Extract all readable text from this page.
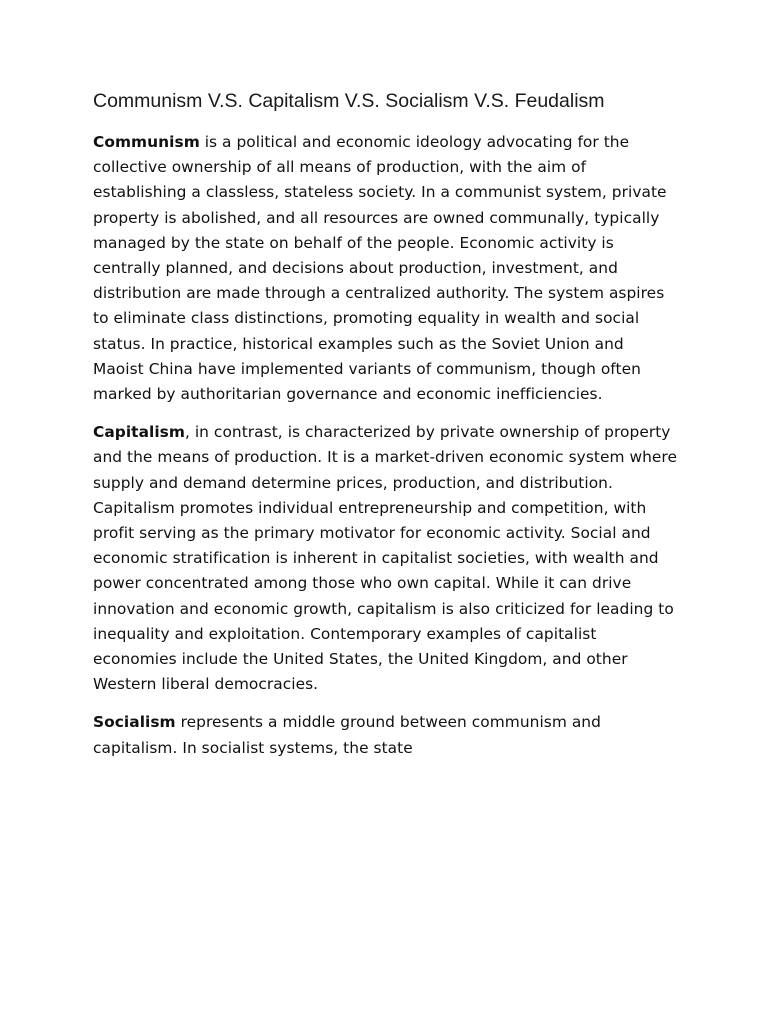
Communism V.S. Capitalism V.S. Socialism V.S. Feudalism

Communism is a political and economic ideology advocating for the collective ownership of all means of production, with the aim of establishing a classless, stateless society. In a communist system, private property is abolished, and all resources are owned communally, typically managed by the state on behalf of the people. Economic activity is centrally planned, and decisions about production, investment, and distribution are made through a centralized authority. The system aspires to eliminate class distinctions, promoting equality in wealth and social status. In practice, historical examples such as the Soviet Union and Maoist China have implemented variants of communism, though often marked by authoritarian governance and economic inefficiencies.

Capitalism, in contrast, is characterized by private ownership of property and the means of production. It is a market-driven economic system where supply and demand determine prices, production, and distribution. Capitalism promotes individual entrepreneurship and competition, with profit serving as the primary motivator for economic activity. Social and economic stratification is inherent in capitalist societies, with wealth and power concentrated among those who own capital. While it can drive innovation and economic growth, capitalism is also criticized for leading to inequality and exploitation. Contemporary examples of capitalist economies include the United States, the United Kingdom, and other Western liberal democracies.

Socialism represents a middle ground between communism and capitalism. In socialist systems, the state
